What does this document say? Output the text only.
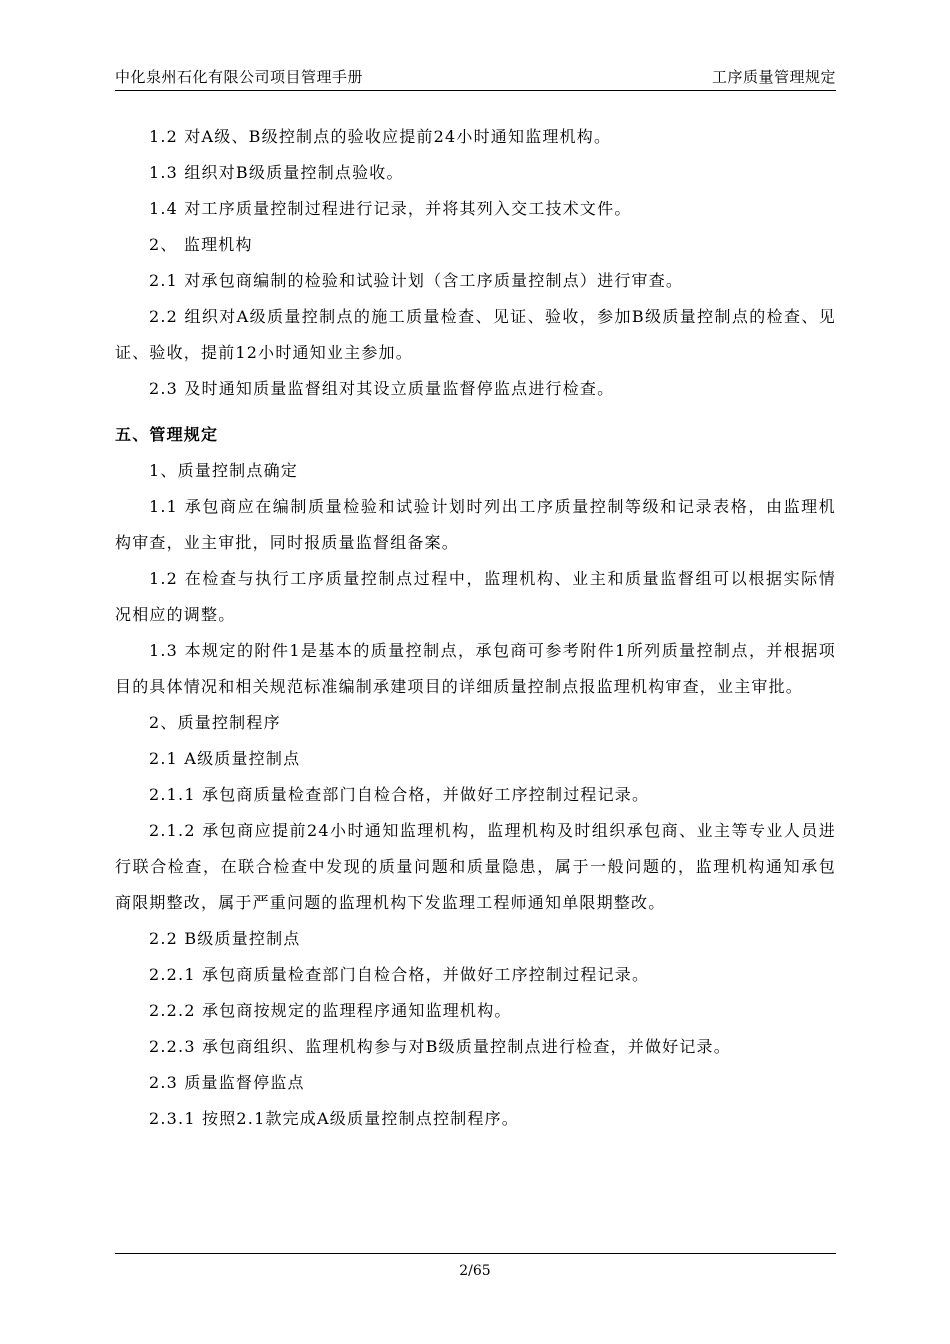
中化泉州石化有限公司项目管理手册	工序质量管理规定

1.2 对A级、B级控制点的验收应提前24小时通知监理机构。

1.3 组织对B级质量控制点验收。

1.4 对工序质量控制过程进行记录，并将其列入交工技术文件。

2、 监理机构

2.1 对承包商编制的检验和试验计划（含工序质量控制点）进行审查。

2.2 组织对A级质量控制点的施工质量检查、见证、验收，参加B级质量控制点的检查、见证、验收，提前12小时通知业主参加。

2.3 及时通知质量监督组对其设立质量监督停监点进行检查。

五、管理规定

1、质量控制点确定

1.1 承包商应在编制质量检验和试验计划时列出工序质量控制等级和记录表格，由监理机构审查，业主审批，同时报质量监督组备案。

1.2 在检查与执行工序质量控制点过程中，监理机构、业主和质量监督组可以根据实际情况相应的调整。

1.3 本规定的附件1是基本的质量控制点，承包商可参考附件1所列质量控制点，并根据项目的具体情况和相关规范标准编制承建项目的详细质量控制点报监理机构审查，业主审批。

2、质量控制程序

2.1 A级质量控制点

2.1.1 承包商质量检查部门自检合格，并做好工序控制过程记录。

2.1.2 承包商应提前24小时通知监理机构，监理机构及时组织承包商、业主等专业人员进行联合检查，在联合检查中发现的质量问题和质量隐患，属于一般问题的，监理机构通知承包商限期整改，属于严重问题的监理机构下发监理工程师通知单限期整改。

2.2 B级质量控制点

2.2.1 承包商质量检查部门自检合格，并做好工序控制过程记录。

2.2.2 承包商按规定的监理程序通知监理机构。

2.2.3 承包商组织、监理机构参与对B级质量控制点进行检查，并做好记录。

2.3 质量监督停监点

2.3.1 按照2.1款完成A级质量控制点控制程序。

2/65
